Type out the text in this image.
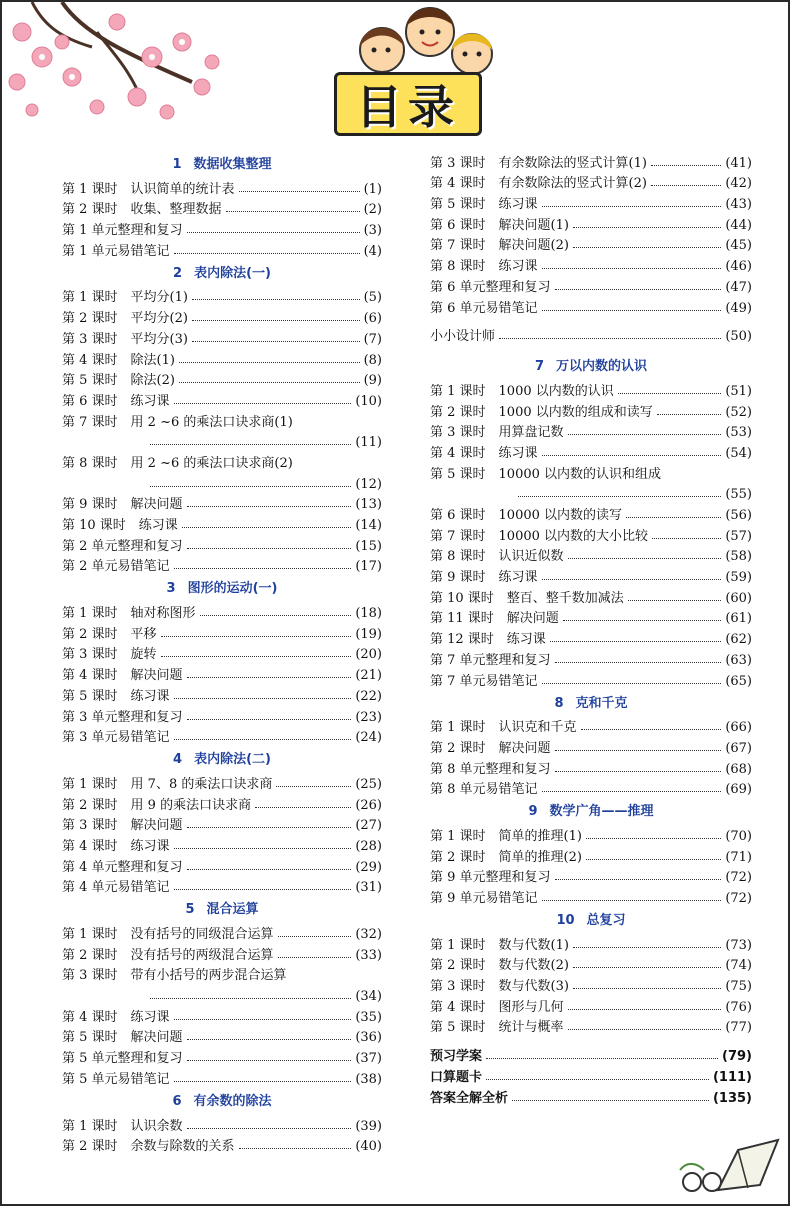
目录
1 数据收集整理
第 1 课时　认识简单的统计表	(1)
第 2 课时　收集、整理数据	(2)
第 1 单元整理和复习	(3)
第 1 单元易错笔记	(4)
2 表内除法(一)
第 1 课时　平均分(1)	(5)
第 2 课时　平均分(2)	(6)
第 3 课时　平均分(3)	(7)
第 4 课时　除法(1)	(8)
第 5 课时　除法(2)	(9)
第 6 课时　练习课	(10)
第 7 课时　用 2 ~6 的乘法口诀求商(1)
(11)
第 8 课时　用 2 ~6 的乘法口诀求商(2)
(12)
第 9 课时　解决问题	(13)
第 10 课时　练习课	(14)
第 2 单元整理和复习	(15)
第 2 单元易错笔记	(17)
3 图形的运动(一)
第 1 课时　轴对称图形	(18)
第 2 课时　平移	(19)
第 3 课时　旋转	(20)
第 4 课时　解决问题	(21)
第 5 课时　练习课	(22)
第 3 单元整理和复习	(23)
第 3 单元易错笔记	(24)
4 表内除法(二)
第 1 课时　用 7、8 的乘法口诀求商	(25)
第 2 课时　用 9 的乘法口诀求商	(26)
第 3 课时　解决问题	(27)
第 4 课时　练习课	(28)
第 4 单元整理和复习	(29)
第 4 单元易错笔记	(31)
5 混合运算
第 1 课时　没有括号的同级混合运算	(32)
第 2 课时　没有括号的两级混合运算	(33)
第 3 课时　带有小括号的两步混合运算
(34)
第 4 课时　练习课	(35)
第 5 课时　解决问题	(36)
第 5 单元整理和复习	(37)
第 5 单元易错笔记	(38)
6 有余数的除法
第 1 课时　认识余数	(39)
第 2 课时　余数与除数的关系	(40)
第 3 课时　有余数除法的竖式计算(1)	(41)
第 4 课时　有余数除法的竖式计算(2)	(42)
第 5 课时　练习课	(43)
第 6 课时　解决问题(1)	(44)
第 7 课时　解决问题(2)	(45)
第 8 课时　练习课	(46)
第 6 单元整理和复习	(47)
第 6 单元易错笔记	(49)
小小设计师	(50)
7 万以内数的认识
第 1 课时　1000 以内数的认识	(51)
第 2 课时　1000 以内数的组成和读写	(52)
第 3 课时　用算盘记数	(53)
第 4 课时　练习课	(54)
第 5 课时　10000 以内数的认识和组成
(55)
第 6 课时　10000 以内数的读写	(56)
第 7 课时　10000 以内数的大小比较	(57)
第 8 课时　认识近似数	(58)
第 9 课时　练习课	(59)
第 10 课时　整百、整千数加减法	(60)
第 11 课时　解决问题	(61)
第 12 课时　练习课	(62)
第 7 单元整理和复习	(63)
第 7 单元易错笔记	(65)
8 克和千克
第 1 课时　认识克和千克	(66)
第 2 课时　解决问题	(67)
第 8 单元整理和复习	(68)
第 8 单元易错笔记	(69)
9 数学广角——推理
第 1 课时　简单的推理(1)	(70)
第 2 课时　简单的推理(2)	(71)
第 9 单元整理和复习	(72)
第 9 单元易错笔记	(72)
10 总复习
第 1 课时　数与代数(1)	(73)
第 2 课时　数与代数(2)	(74)
第 3 课时　数与代数(3)	(75)
第 4 课时　图形与几何	(76)
第 5 课时　统计与概率	(77)
预习学案	(79)
口算题卡	(111)
答案全解全析	(135)
